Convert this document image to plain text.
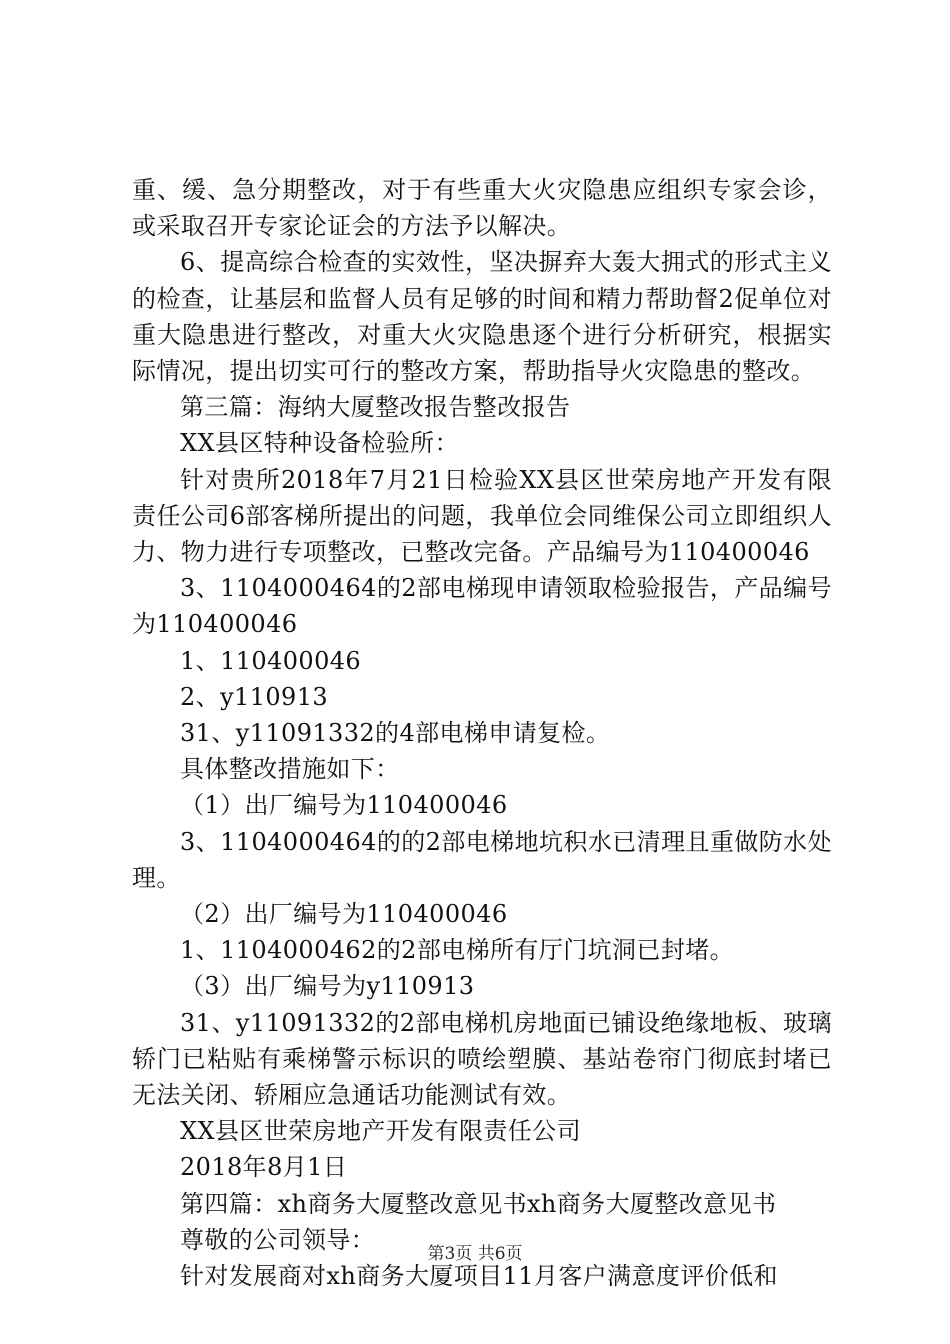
重、缓、急分期整改，对于有些重大火灾隐患应组织专家会诊，或采取召开专家论证会的方法予以解决。

6、提高综合检查的实效性，坚决摒弃大轰大拥式的形式主义的检查，让基层和监督人员有足够的时间和精力帮助督2促单位对重大隐患进行整改，对重大火灾隐患逐个进行分析研究，根据实际情况，提出切实可行的整改方案，帮助指导火灾隐患的整改。

第三篇：海纳大厦整改报告整改报告

XX县区特种设备检验所：

针对贵所2018年7月21日检验XX县区世荣房地产开发有限责任公司6部客梯所提出的问题，我单位会同维保公司立即组织人力、物力进行专项整改，已整改完备。产品编号为110400046

3、1104000464的2部电梯现申请领取检验报告，产品编号为110400046

1、110400046

2、y110913

31、y11091332的4部电梯申请复检。

具体整改措施如下：

（1）出厂编号为110400046

3、1104000464的的2部电梯地坑积水已清理且重做防水处理。

（2）出厂编号为110400046

1、1104000462的2部电梯所有厅门坑洞已封堵。

（3）出厂编号为y110913

31、y11091332的2部电梯机房地面已铺设绝缘地板、玻璃轿门已粘贴有乘梯警示标识的喷绘塑膜、基站卷帘门彻底封堵已无法关闭、轿厢应急通话功能测试有效。

XX县区世荣房地产开发有限责任公司

2018年8月1日

第四篇：xh商务大厦整改意见书xh商务大厦整改意见书

尊敬的公司领导：

针对发展商对xh商务大厦项目11月客户满意度评价低和

第3页 共6页
